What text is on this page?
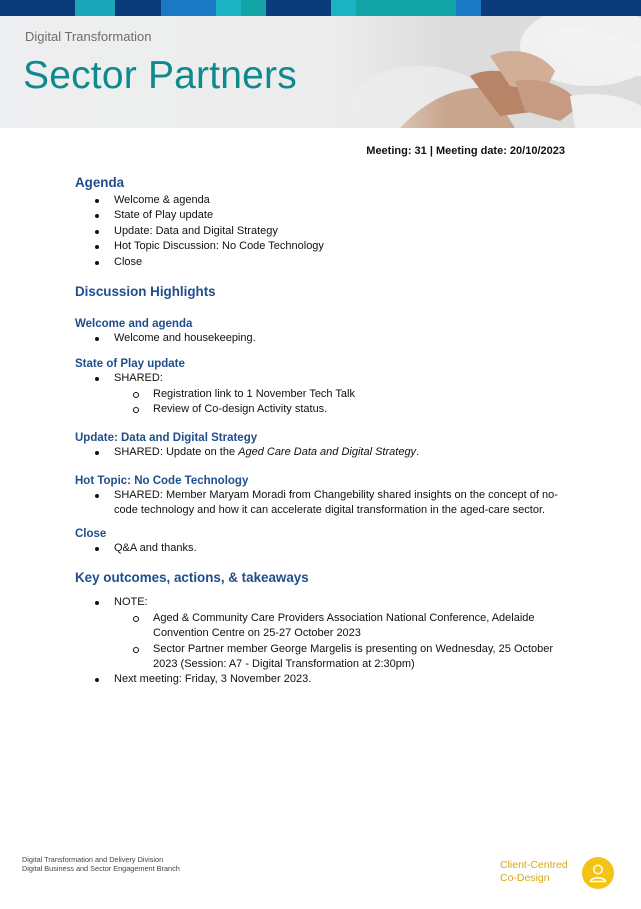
Digital Transformation
Sector Partners
Meeting: 31 | Meeting date: 20/10/2023
Agenda
Welcome & agenda
State of Play update
Update: Data and Digital Strategy
Hot Topic Discussion: No Code Technology
Close
Discussion Highlights
Welcome and agenda
Welcome and housekeeping.
State of Play update
SHARED:
Registration link to 1 November Tech Talk
Review of Co-design Activity status.
Update: Data and Digital Strategy
SHARED: Update on the Aged Care Data and Digital Strategy.
Hot Topic: No Code Technology
SHARED: Member Maryam Moradi from Changebility shared insights on the concept of no-
code technology and how it can accelerate digital transformation in the aged-care sector.
Close
Q&A and thanks.
Key outcomes, actions, & takeaways
NOTE:
Aged & Community Care Providers Association National Conference, Adelaide
Convention Centre on 25-27 October 2023
Sector Partner member George Margelis is presenting on Wednesday, 25 October
2023 (Session: A7 - Digital Transformation at 2:30pm)
Next meeting: Friday, 3 November 2023.
Digital Transformation and Delivery Division
Digital Business and Sector Engagement Branch	Client-Centred
Co-Design
